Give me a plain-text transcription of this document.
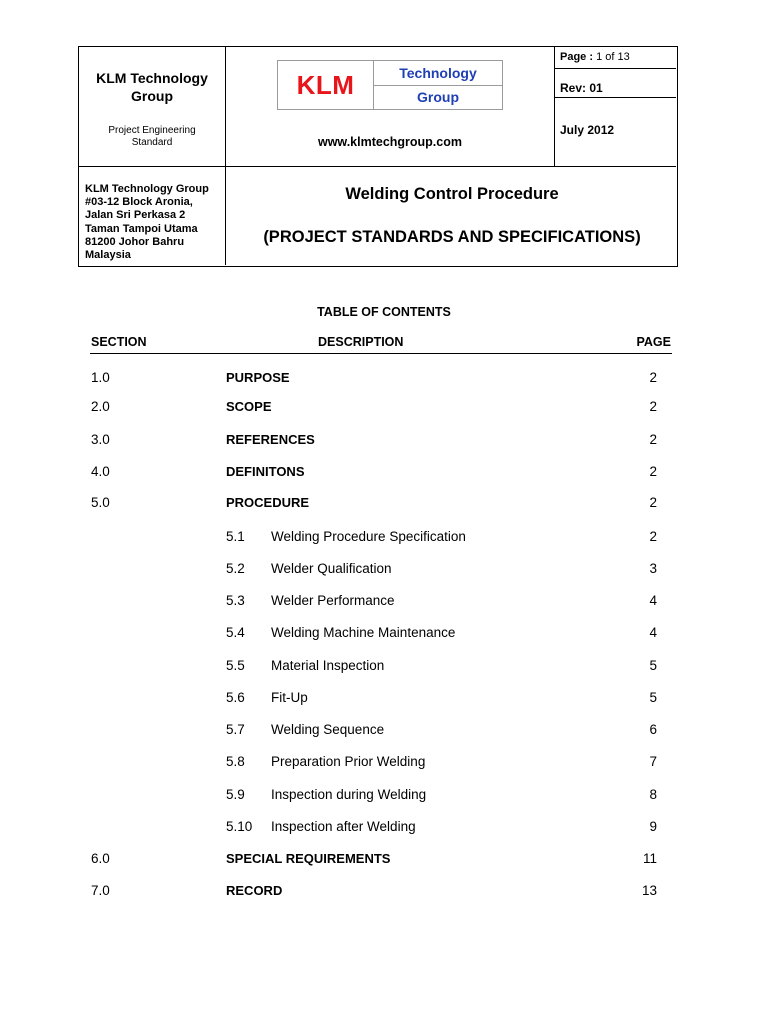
KLM Technology
Group
Project Engineering
Standard
KLM Technology Group
#03-12 Block Aronia,
Jalan Sri Perkasa 2
Taman Tampoi Utama
81200 Johor Bahru
Malaysia
KLM	Technology
Group
www.klmtechgroup.com
Page : 1 of 13
Rev: 01
July 2012
Welding Control Procedure
(PROJECT STANDARDS AND SPECIFICATIONS)
TABLE OF CONTENTS
SECTION	DESCRIPTION	PAGE
1.0	PURPOSE	2
2.0	SCOPE	2
3.0	REFERENCES	2
4.0	DEFINITONS	2
5.0	PROCEDURE	2
5.1 Welding Procedure Specification	2
5.2 Welder Qualification	3
5.3 Welder Performance	4
5.4 Welding Machine Maintenance	4
5.5 Material Inspection	5
5.6 Fit-Up	5
5.7 Welding Sequence	6
5.8 Preparation Prior Welding	7
5.9 Inspection during Welding	8
5.10 Inspection after Welding	9
6.0	SPECIAL REQUIREMENTS	11
7.0	RECORD	13
